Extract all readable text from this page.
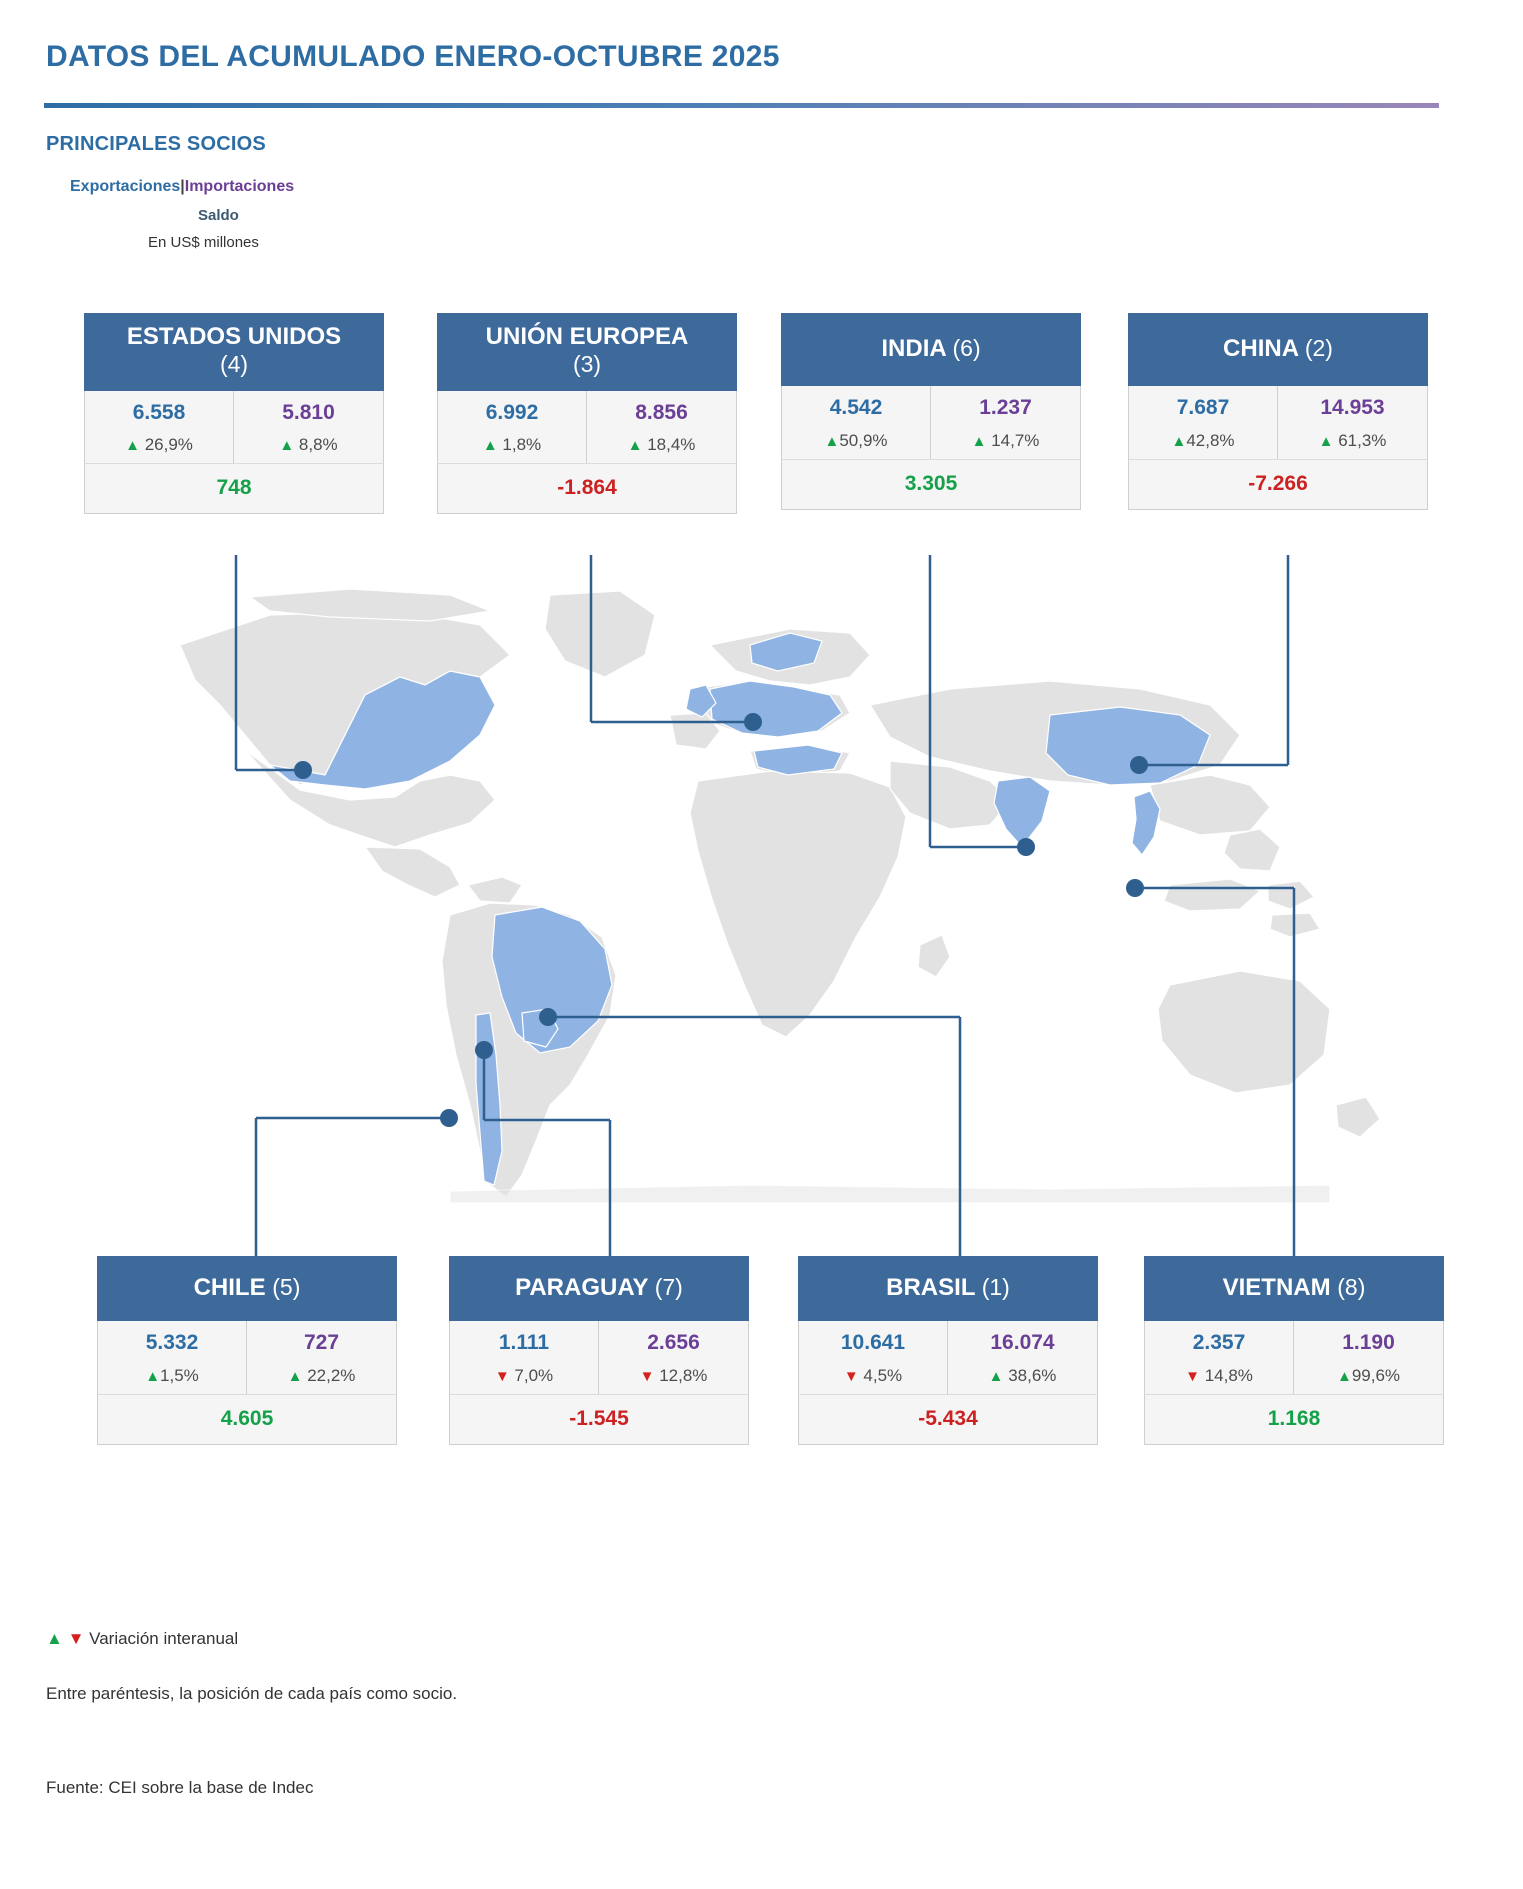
DATOS DEL ACUMULADO ENERO-OCTUBRE 2025
PRINCIPALES SOCIOS
Exportaciones|Importaciones
Saldo
En US$ millones
ESTADOS UNIDOS
(4)
6.558
▲ 26,9%
5.810
▲ 8,8%
748
UNIÓN EUROPEA
(3)
6.992
▲ 1,8%
8.856
▲ 18,4%
-1.864
INDIA (6)
4.542
▲50,9%
1.237
▲ 14,7%
3.305
CHINA (2)
7.687
▲42,8%
14.953
▲ 61,3%
-7.266
CHILE (5)
5.332
▲1,5%
727
▲ 22,2%
4.605
PARAGUAY (7)
1.111
▼ 7,0%
2.656
▼ 12,8%
-1.545
BRASIL (1)
10.641
▼ 4,5%
16.074
▲ 38,6%
-5.434
VIETNAM (8)
2.357
▼ 14,8%
1.190
▲99,6%
1.168
▲ ▼ Variación interanual
Entre paréntesis, la posición de cada país como socio.
Fuente: CEI sobre la base de Indec
